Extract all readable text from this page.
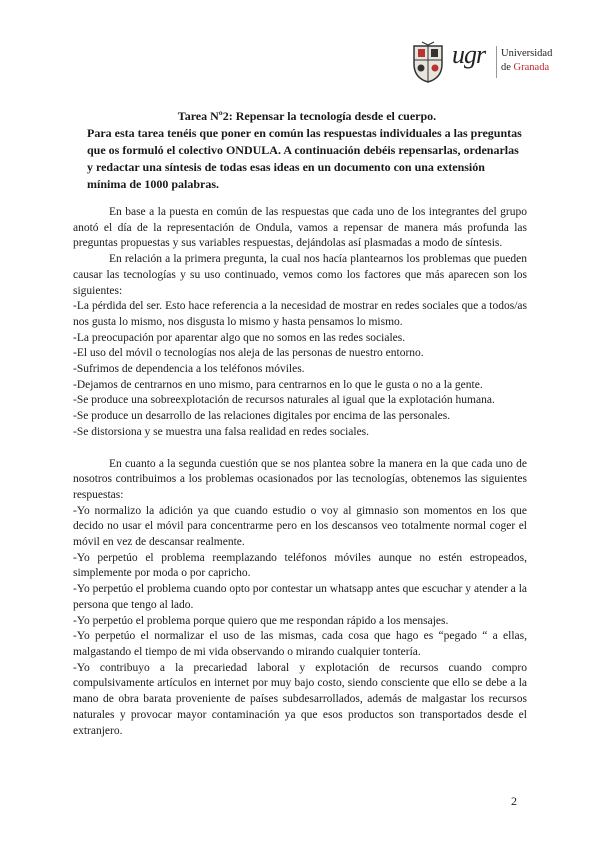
ugr Universidad
de Granada
Tarea Nº2: Repensar la tecnología desde el cuerpo.
Para esta tarea tenéis que poner en común las respuestas individuales a las preguntas que os formuló el colectivo ONDULA. A continuación debéis repensarlas, ordenarlas y redactar una síntesis de todas esas ideas en un documento con una extensión mínima de 1000 palabras.

En base a la puesta en común de las respuestas que cada uno de los integrantes del grupo anotó el día de la representación de Ondula, vamos a repensar de manera más profunda las preguntas propuestas y sus variables respuestas, dejándolas así plasmadas a modo de síntesis.

En relación a la primera pregunta, la cual nos hacía plantearnos los problemas que pueden causar las tecnologías y su uso continuado, vemos como los factores que más aparecen son los siguientes:

-La pérdida del ser. Esto hace referencia a la necesidad de mostrar en redes sociales que a todos/as nos gusta lo mismo, nos disgusta lo mismo y hasta pensamos lo mismo.

-La preocupación por aparentar algo que no somos en las redes sociales.

-El uso del móvil o tecnologías nos aleja de las personas de nuestro entorno.

-Sufrimos de dependencia a los teléfonos móviles.

-Dejamos de centrarnos en uno mismo, para centrarnos en lo que le gusta o no a la gente.

-Se produce una sobreexplotación de recursos naturales al igual que la explotación humana.

-Se produce un desarrollo de las relaciones digitales por encima de las personales.

-Se distorsiona y se muestra una falsa realidad en redes sociales.

En cuanto a la segunda cuestión que se nos plantea sobre la manera en la que cada uno de nosotros contribuimos a los problemas ocasionados por las tecnologías, obtenemos las siguientes respuestas:

-Yo normalizo la adición ya que cuando estudio o voy al gimnasio son momentos en los que decido no usar el móvil para concentrarme pero en los descansos veo totalmente normal coger el móvil en vez de descansar realmente.

-Yo perpetúo el problema reemplazando teléfonos móviles aunque no estén estropeados, simplemente por moda o por capricho.

-Yo perpetúo el problema cuando opto por contestar un whatsapp antes que escuchar y atender a la persona que tengo al lado.

-Yo perpetúo el problema porque quiero que me respondan rápido a los mensajes.

-Yo perpetúo el normalizar el uso de las mismas, cada cosa que hago es “pegado “ a ellas, malgastando el tiempo de mi vida observando o mirando cualquier tontería.

-Yo contribuyo a la precariedad laboral y explotación de recursos cuando compro compulsivamente artículos en internet por muy bajo costo, siendo consciente que ello se debe a la mano de obra barata proveniente de países subdesarrollados, además de malgastar los recursos naturales y provocar mayor contaminación ya que esos productos son transportados desde el extranjero.

2
